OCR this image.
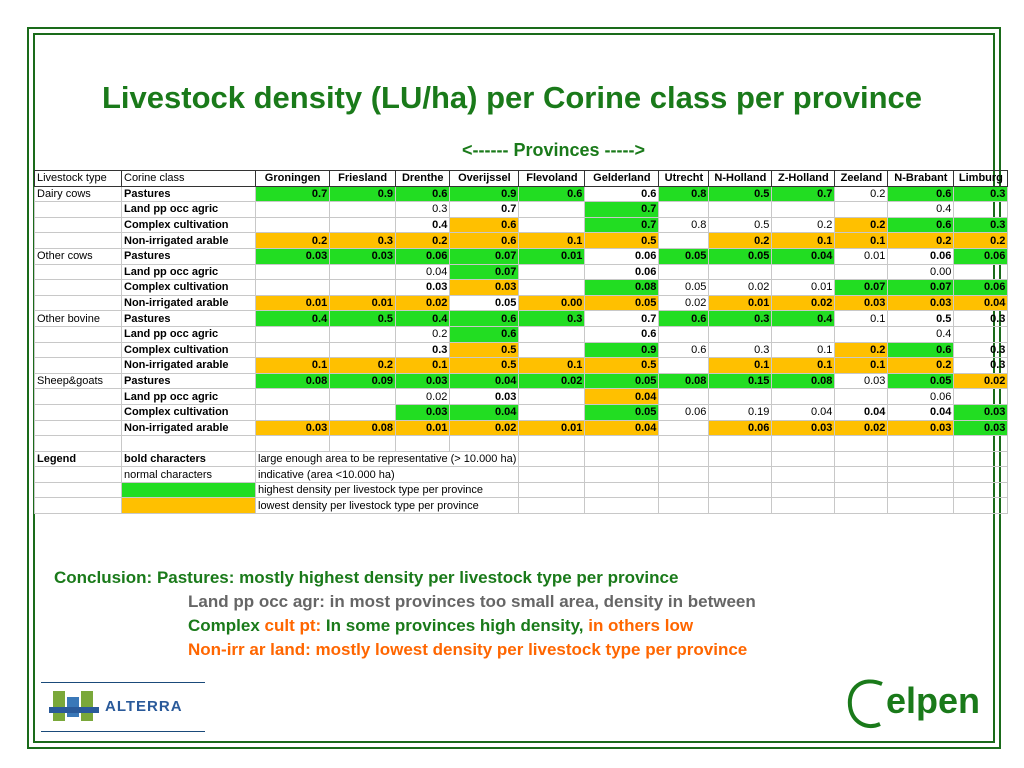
Livestock density (LU/ha) per Corine class per province
<------ Provinces ----->
Livestock type	Corine class	Groningen	Friesland	Drenthe	Overijssel	Flevoland	Gelderland	Utrecht	N-Holland	Z-Holland	Zeeland	N-Brabant	Limburg
Dairy cows	Pastures	0.7	0.9	0.6	0.9	0.6	0.6	0.8	0.5	0.7	0.2	0.6	0.3
	Land pp occ agric			0.3	0.7		0.7					0.4	
	Complex cultivation			0.4	0.6		0.7	0.8	0.5	0.2	0.2	0.6	0.3
	Non-irrigated arable	0.2	0.3	0.2	0.6	0.1	0.5		0.2	0.1	0.1	0.2	0.2
Other cows	Pastures	0.03	0.03	0.06	0.07	0.01	0.06	0.05	0.05	0.04	0.01	0.06	0.06
	Land pp occ agric			0.04	0.07		0.06					0.00	
	Complex cultivation			0.03	0.03		0.08	0.05	0.02	0.01	0.07	0.07	0.06
	Non-irrigated arable	0.01	0.01	0.02	0.05	0.00	0.05	0.02	0.01	0.02	0.03	0.03	0.04
Other bovine	Pastures	0.4	0.5	0.4	0.6	0.3	0.7	0.6	0.3	0.4	0.1	0.5	0.3
	Land pp occ agric			0.2	0.6		0.6					0.4	
	Complex cultivation			0.3	0.5		0.9	0.6	0.3	0.1	0.2	0.6	0.3
	Non-irrigated arable	0.1	0.2	0.1	0.5	0.1	0.5		0.1	0.1	0.1	0.2	0.3
Sheep&goats	Pastures	0.08	0.09	0.03	0.04	0.02	0.05	0.08	0.15	0.08	0.03	0.05	0.02
	Land pp occ agric			0.02	0.03		0.04					0.06	
	Complex cultivation			0.03	0.04		0.05	0.06	0.19	0.04	0.04	0.04	0.03
	Non-irrigated arable	0.03	0.08	0.01	0.02	0.01	0.04		0.06	0.03	0.02	0.03	0.03

Legend	bold characters	large enough area to be representative (> 10.000 ha)											
	normal characters	indicative (area <10.000 ha)											
		highest density per livestock type per province											
		lowest density per livestock type per province											
Conclusion: Pastures: mostly highest density per livestock type per province
Land pp occ agr: in most provinces too small area, density in between
Complex cult pt: In some provinces high density, in others low
Non-irr ar land: mostly lowest density per livestock type per province
ALTERRA	elpen
